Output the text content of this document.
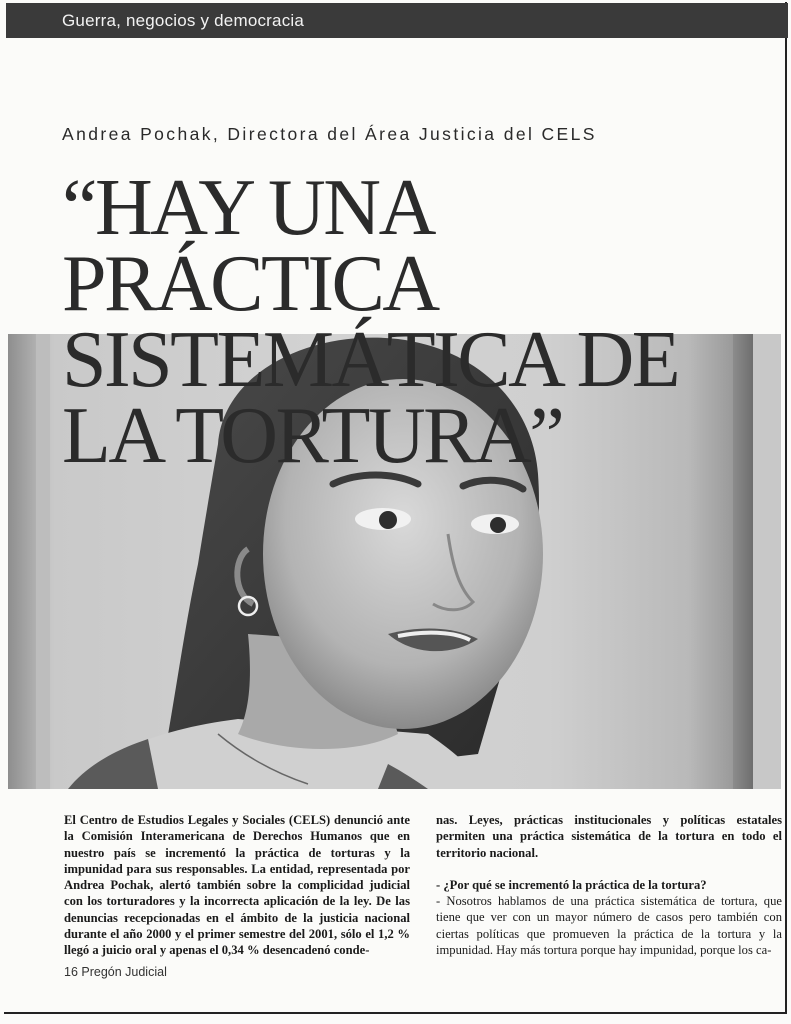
Guerra, negocios y democracia
Andrea Pochak, Directora del Área Justicia del CELS
“HAY UNA
PRÁCTICA
SISTEMÁTICA DE
LA TORTURA”

El Centro de Estudios Legales y Sociales (CELS) denunció ante la Comisión Interamericana de Derechos Humanos que en nuestro país se incrementó la práctica de torturas y la impunidad para sus responsables. La entidad, representada por Andrea Pochak, alertó también sobre la complicidad judicial con los torturadores y la incorrecta aplicación de la ley. De las denuncias recepcionadas en el ámbito de la justicia nacional durante el año 2000 y el primer semestre del 2001, sólo el 1,2 % llegó a juicio oral y apenas el 0,34 % desencadenó conde-

nas. Leyes, prácticas institucionales y políticas estatales permiten una práctica sistemática de la tortura en todo el territorio nacional.

- ¿Por qué se incrementó la práctica de la tortura?

- Nosotros hablamos de una práctica sistemática de tortura, que tiene que ver con un mayor número de casos pero también con ciertas políticas que promueven la práctica de la tortura y la impunidad. Hay más tortura porque hay impunidad, porque los ca-

16 Pregón Judicial
